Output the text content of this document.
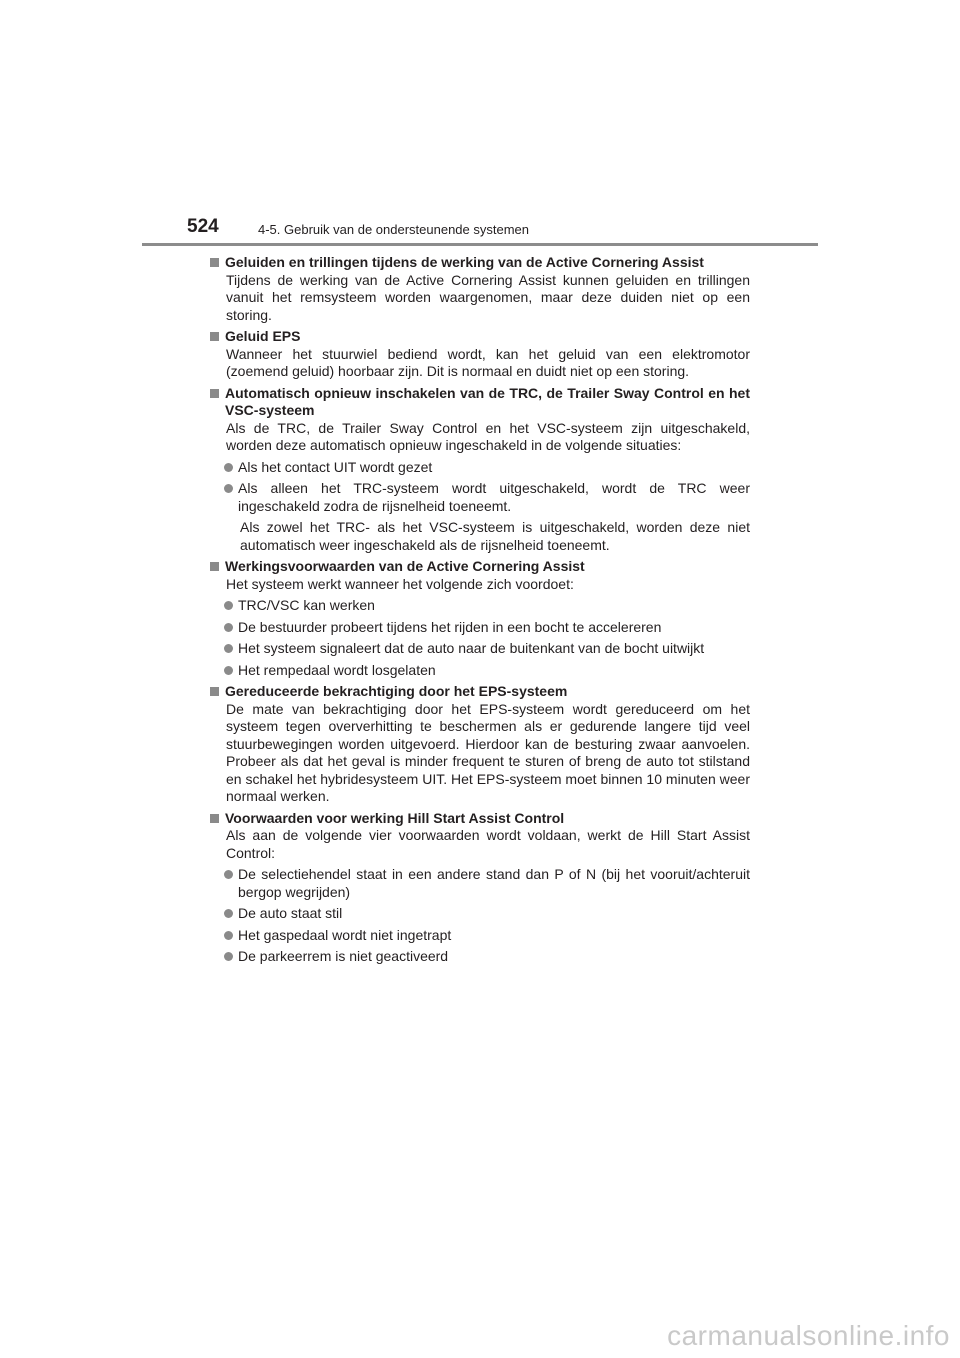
524	4-5. Gebruik van de ondersteunende systemen
Geluiden en trillingen tijdens de werking van de Active Cornering Assist

Tijdens de werking van de Active Cornering Assist kunnen geluiden en trillingen vanuit het remsysteem worden waargenomen, maar deze duiden niet op een storing.

Geluid EPS

Wanneer het stuurwiel bediend wordt, kan het geluid van een elektromotor (zoemend geluid) hoorbaar zijn. Dit is normaal en duidt niet op een storing.

Automatisch opnieuw inschakelen van de TRC, de Trailer Sway Control en het VSC-systeem

Als de TRC, de Trailer Sway Control en het VSC-systeem zijn uitgeschakeld, worden deze automatisch opnieuw ingeschakeld in de volgende situaties:

Als het contact UIT wordt gezet
Als alleen het TRC-systeem wordt uitgeschakeld, wordt de TRC weer ingeschakeld zodra de rijsnelheid toeneemt.
Als zowel het TRC- als het VSC-systeem is uitgeschakeld, worden deze niet automatisch weer ingeschakeld als de rijsnelheid toeneemt.
Werkingsvoorwaarden van de Active Cornering Assist

Het systeem werkt wanneer het volgende zich voordoet:

TRC/VSC kan werken
De bestuurder probeert tijdens het rijden in een bocht te accelereren
Het systeem signaleert dat de auto naar de buitenkant van de bocht uitwijkt
Het rempedaal wordt losgelaten
Gereduceerde bekrachtiging door het EPS-systeem

De mate van bekrachtiging door het EPS-systeem wordt gereduceerd om het systeem tegen oververhitting te beschermen als er gedurende langere tijd veel stuurbewegingen worden uitgevoerd. Hierdoor kan de besturing zwaar aanvoelen. Probeer als dat het geval is minder frequent te sturen of breng de auto tot stilstand en schakel het hybridesysteem UIT. Het EPS-systeem moet binnen 10 minuten weer normaal werken.

Voorwaarden voor werking Hill Start Assist Control

Als aan de volgende vier voorwaarden wordt voldaan, werkt de Hill Start Assist Control:

De selectiehendel staat in een andere stand dan P of N (bij het vooruit/achteruit bergop wegrijden)
De auto staat stil
Het gaspedaal wordt niet ingetrapt
De parkeerrem is niet geactiveerd
carmanualsonline.info
